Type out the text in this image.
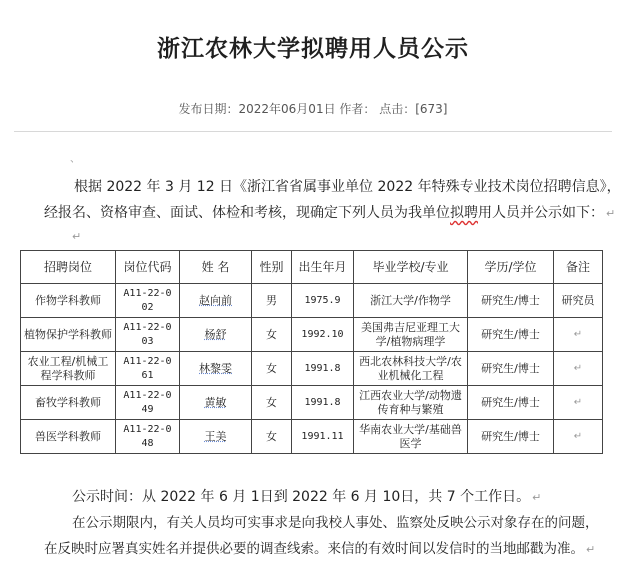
浙江农林大学拟聘用人员公示
发布日期：2022年06月01日 作者： 点击：[673]
、
根据 2022 年 3 月 12 日《浙江省省属事业单位 2022 年特殊专业技术岗位招聘信息》，
经报名、资格审查、面试、体检和考核，现确定下列人员为我单位拟聘用人员并公示如下： ↵
↵
招聘岗位	岗位代码	姓 名	性别	出生年月	毕业学校/专业	学历/学位	备注
作物学科教师	A11-22-0 02	赵向前	男	1975.9	浙江大学/作物学	研究生/博士	研究员
植物保护学科教师	A11-22-0 03	杨舒	女	1992.10	美国弗吉尼亚理工大学/植物病理学	研究生/博士	↵
农业工程/机械工程学科教师	A11-22-0 61	林黎雯	女	1991.8	西北农林科技大学/农业机械化工程	研究生/博士	↵
畜牧学科教师	A11-22-0 49	黄敏	女	1991.8	江西农业大学/动物遗传育种与繁殖	研究生/博士	↵
兽医学科教师	A11-22-0 48	王美	女	1991.11	华南农业大学/基础兽医学	研究生/博士	↵
公示时间：从 2022 年 6 月 1日到 2022 年 6 月 10日，共 7 个工作日。 ↵
在公示期限内，有关人员均可实事求是向我校人事处、监察处反映公示对象存在的问题，
在反映时应署真实姓名并提供必要的调查线索。来信的有效时间以发信时的当地邮戳为准。 ↵
